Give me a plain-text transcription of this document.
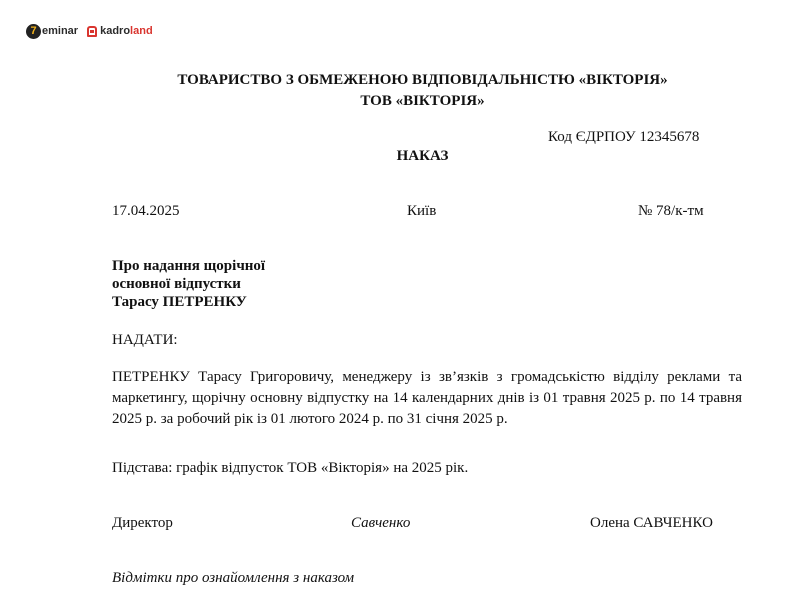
7 eminar kadro land
ТОВАРИСТВО З ОБМЕЖЕНОЮ ВІДПОВІДАЛЬНІСТЮ «ВІКТОРІЯ»
ТОВ «ВІКТОРІЯ»
Код ЄДРПОУ 12345678
НАКАЗ
17.04.2025	Київ	№ 78/к-тм
Про надання щорічної
основної відпустки
Тарасу ПЕТРЕНКУ
НАДАТИ:
ПЕТРЕНКУ Тарасу Григоровичу, менеджеру із зв’язків з громадськістю відділу реклами та маркетингу, щорічну основну відпустку на 14 календарних днів із 01 травня 2025 р. по 14 травня 2025 р. за робочий рік із 01 лютого 2024 р. по 31 січня 2025 р.
Підстава: графік відпусток ТОВ «Вікторія» на 2025 рік.
Директор	Савченко	Олена САВЧЕНКО
Відмітки про ознайомлення з наказом
